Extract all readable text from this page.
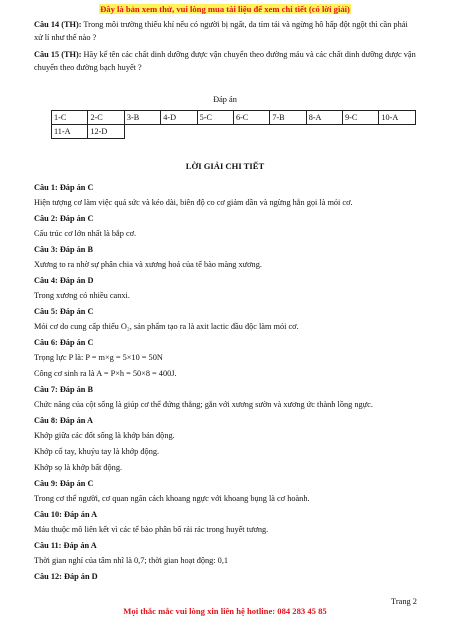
Đây là bản xem thử, vui lòng mua tài liệu để xem chi tiết (có lời giải)

Câu 14 (TH): Trong môi trường thiếu khí nếu có người bị ngất, da tím tái và ngừng hô hấp đột ngột thì cần phải xử lí như thế nào ?

Câu 15 (TH): Hãy kể tên các chất dinh dưỡng được vận chuyển theo đường máu và các chất dinh dưỡng được vận chuyển theo đường bạch huyết ?

Đáp án
1-C	2-C	3-B	4-D	5-C	6-C	7-B	8-A	9-C	10-A
11-A	12-D								
LỜI GIẢI CHI TIẾT

Câu 1: Đáp án C

Hiện tượng cơ làm việc quá sức và kéo dài, biên độ co cơ giảm dần và ngừng hẳn gọi là mỏi cơ.

Câu 2: Đáp án C

Cấu trúc cơ lớn nhất là bắp cơ.

Câu 3: Đáp án B

Xương to ra nhờ sự phân chia và xương hoá của tế bào màng xương.

Câu 4: Đáp án D

Trong xương có nhiều canxi.

Câu 5: Đáp án C

Mỏi cơ do cung cấp thiếu O₂, sản phẩm tạo ra là axit lactic đầu độc làm mỏi cơ.

Câu 6: Đáp án C

Trọng lực P là: P = m×g = 5×10 = 50N

Công cơ sinh ra là A = P×h = 50×8 = 400J.

Câu 7: Đáp án B

Chức năng của cột sống là giúp cơ thể đứng thẳng; gắn với xương sườn và xương ức thành lồng ngực.

Câu 8: Đáp án A

Khớp giữa các đốt sống là khớp bán động.

Khớp cổ tay, khuỷu tay là khớp động.

Khớp sọ là khớp bất động.

Câu 9: Đáp án C

Trong cơ thể người, cơ quan ngăn cách khoang ngực với khoang bụng là cơ hoành.

Câu 10: Đáp án A

Máu thuộc mô liên kết vì các tế bào phân bố rải rác trong huyết tương.

Câu 11: Đáp án A

Thời gian nghỉ của tâm nhĩ là 0,7; thời gian hoạt động: 0,1

Câu 12: Đáp án D

Trang 2
Mọi thắc mắc vui lòng xin liên hệ hotline: 084 283 45 85
